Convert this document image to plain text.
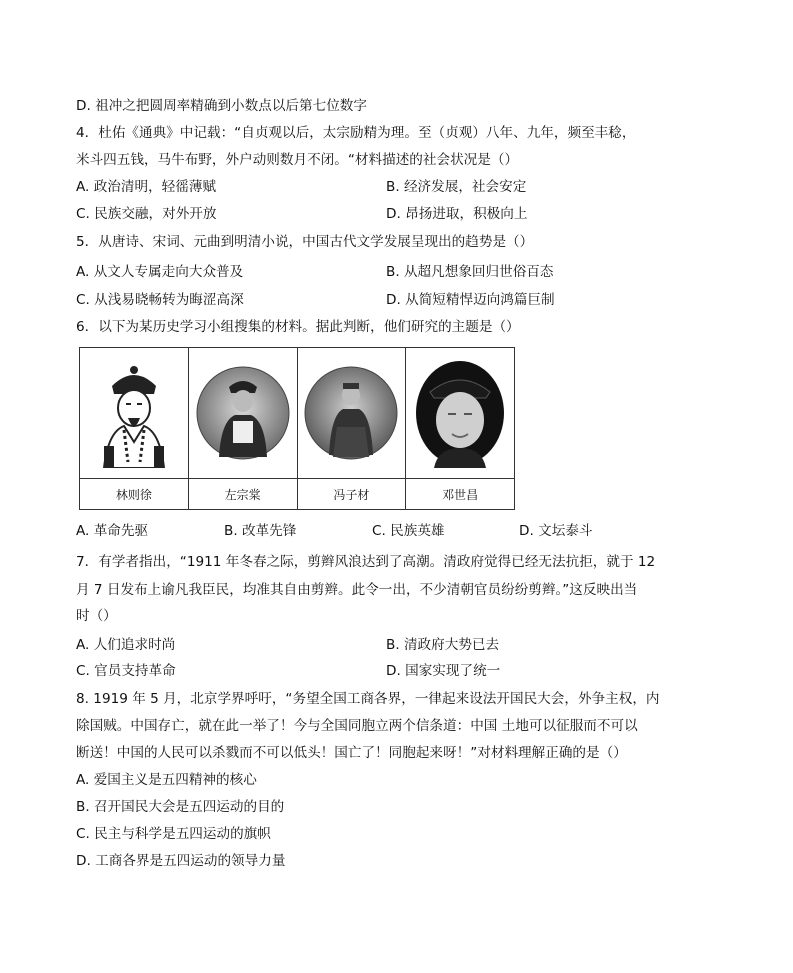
D. 祖冲之把圆周率精确到小数点以后第七位数字
4．杜佑《通典》中记载：“自贞观以后，太宗励精为理。至（贞观）八年、九年，频至丰稔，
米斗四五钱，马牛布野，外户动则数月不闭。“材料描述的社会状况是（）
A. 政治清明，轻徭薄赋	B. 经济发展，社会安定
C. 民族交融，对外开放	D. 昂扬进取，积极向上
5．从唐诗、宋词、元曲到明清小说，中国古代文学发展呈现出的趋势是（）
A. 从文人专属走向大众普及	B. 从超凡想象回归世俗百态
C. 从浅易晓畅转为晦涩高深	D. 从简短精悍迈向鸿篇巨制
6．以下为某历史学习小组搜集的材料。据此判断，他们研究的主题是（）

林则徐	左宗棠	冯子材	邓世昌
A. 革命先驱	B. 改革先锋	C. 民族英雄	D. 文坛泰斗
7．有学者指出，“1911 年冬春之际，剪辫风浪达到了高潮。清政府觉得已经无法抗拒，就于 12
月 7 日发布上谕凡我臣民，均准其自由剪辫。此令一出，不少清朝官员纷纷剪辫。”这反映出当
时（）
A. 人们追求时尚	B. 清政府大势已去
C. 官员支持革命	D. 国家实现了统一
8. 1919 年 5 月，北京学界呼吁，“务望全国工商各界，一律起来设法开国民大会，外争主权，内
除国贼。中国存亡，就在此一举了！今与全国同胞立两个信条道：中国 土地可以征服而不可以
断送！中国的人民可以杀戮而不可以低头！国亡了！同胞起来呀！”对材料理解正确的是（）
A. 爱国主义是五四精神的核心
B. 召开国民大会是五四运动的目的
C. 民主与科学是五四运动的旗帜
D. 工商各界是五四运动的领导力量
